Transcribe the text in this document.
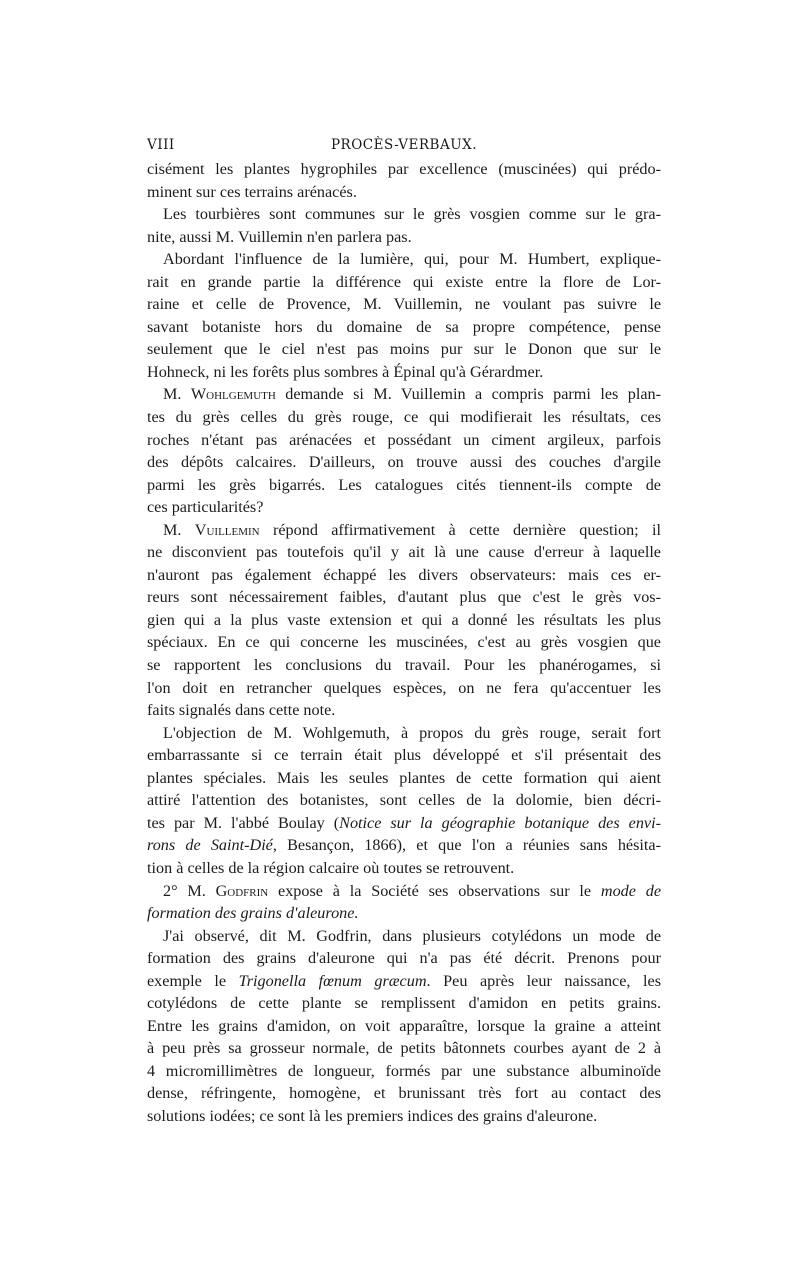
VIII	PROCÈS-VERBAUX.
cisément les plantes hygrophiles par excellence (muscinées) qui prédo-
minent sur ces terrains arénacés.
Les tourbières sont communes sur le grès vosgien comme sur le gra-
nite, aussi M. Vuillemin n'en parlera pas.
Abordant l'influence de la lumière, qui, pour M. Humbert, explique-
rait en grande partie la différence qui existe entre la flore de Lor-
raine et celle de Provence, M. Vuillemin, ne voulant pas suivre le
savant botaniste hors du domaine de sa propre compétence, pense
seulement que le ciel n'est pas moins pur sur le Donon que sur le
Hohneck, ni les forêts plus sombres à Épinal qu'à Gérardmer.
M. Wohlgemuth demande si M. Vuillemin a compris parmi les plan-
tes du grès celles du grès rouge, ce qui modifierait les résultats, ces
roches n'étant pas arénacées et possédant un ciment argileux, parfois
des dépôts calcaires. D'ailleurs, on trouve aussi des couches d'argile
parmi les grès bigarrés. Les catalogues cités tiennent-ils compte de
ces particularités?
M. Vuillemin répond affirmativement à cette dernière question; il
ne disconvient pas toutefois qu'il y ait là une cause d'erreur à laquelle
n'auront pas également échappé les divers observateurs: mais ces er-
reurs sont nécessairement faibles, d'autant plus que c'est le grès vos-
gien qui a la plus vaste extension et qui a donné les résultats les plus
spéciaux. En ce qui concerne les muscinées, c'est au grès vosgien que
se rapportent les conclusions du travail. Pour les phanérogames, si
l'on doit en retrancher quelques espèces, on ne fera qu'accentuer les
faits signalés dans cette note.
L'objection de M. Wohlgemuth, à propos du grès rouge, serait fort
embarrassante si ce terrain était plus développé et s'il présentait des
plantes spéciales. Mais les seules plantes de cette formation qui aient
attiré l'attention des botanistes, sont celles de la dolomie, bien décri-
tes par M. l'abbé Boulay (Notice sur la géographie botanique des envi-
rons de Saint-Dié, Besançon, 1866), et que l'on a réunies sans hésita-
tion à celles de la région calcaire où toutes se retrouvent.
2° M. Godfrin expose à la Société ses observations sur le mode de
formation des grains d'aleurone.
J'ai observé, dit M. Godfrin, dans plusieurs cotylédons un mode de
formation des grains d'aleurone qui n'a pas été décrit. Prenons pour
exemple le Trigonella fœnum græcum. Peu après leur naissance, les
cotylédons de cette plante se remplissent d'amidon en petits grains.
Entre les grains d'amidon, on voit apparaître, lorsque la graine a atteint
à peu près sa grosseur normale, de petits bâtonnets courbes ayant de 2 à
4 micromillimètres de longueur, formés par une substance albuminoïde
dense, réfringente, homogène, et brunissant très fort au contact des
solutions iodées; ce sont là les premiers indices des grains d'aleurone.
